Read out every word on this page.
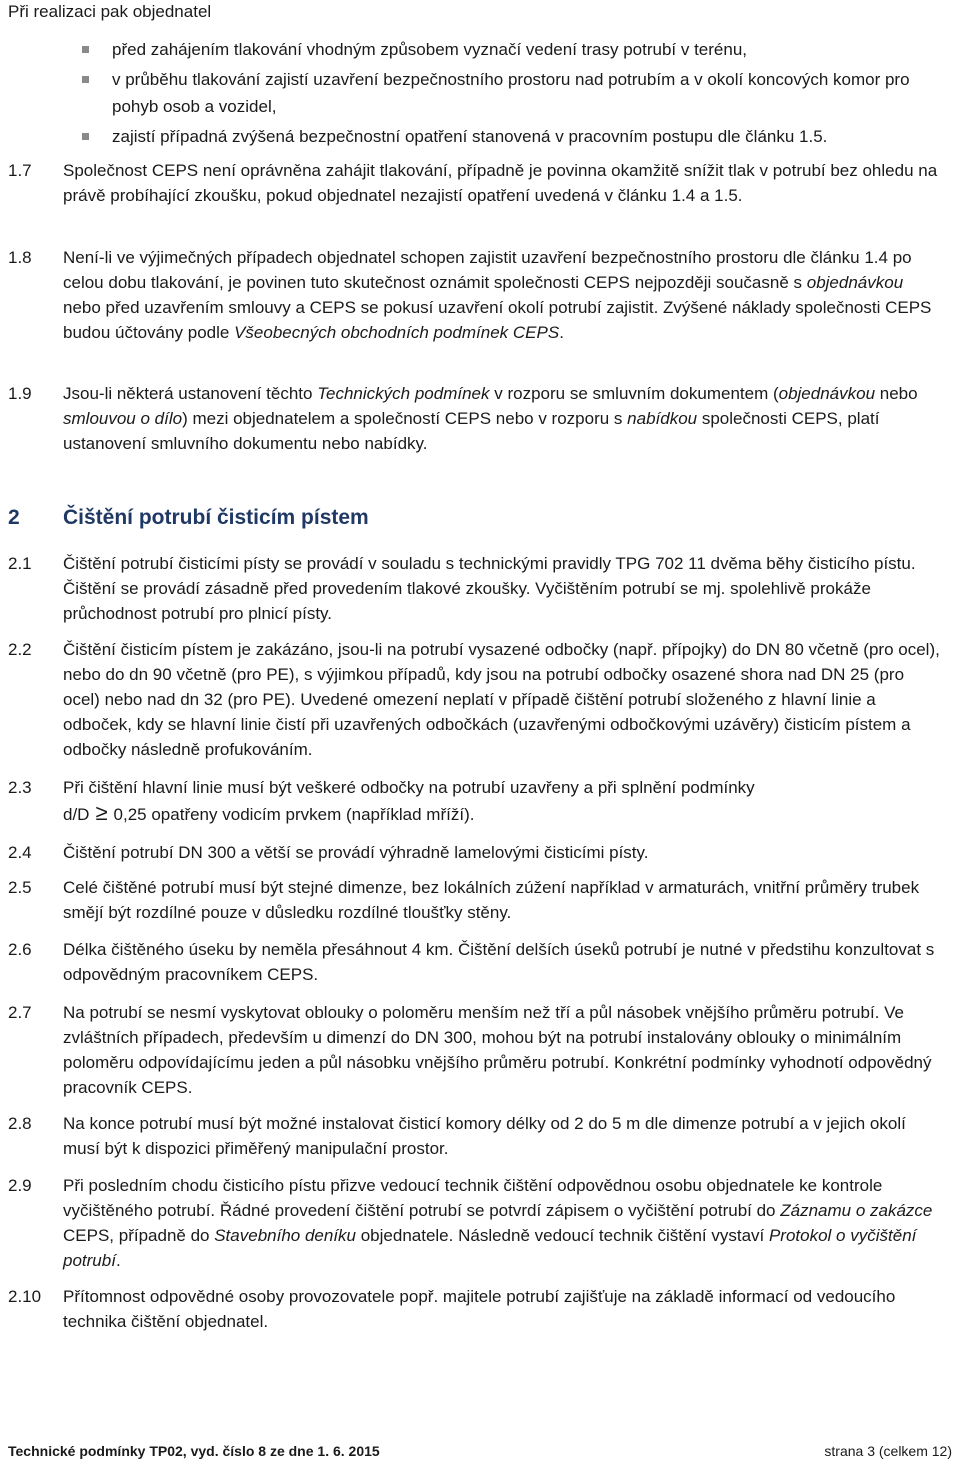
Při realizaci pak objednatel
před zahájením tlakování vhodným způsobem vyznačí vedení trasy potrubí v terénu,
v průběhu tlakování zajistí uzavření bezpečnostního prostoru nad potrubím a v okolí koncových komor pro pohyb osob a vozidel,
zajistí případná zvýšená bezpečnostní opatření stanovená v pracovním postupu dle článku 1.5.
1.7 Společnost CEPS není oprávněna zahájit tlakování, případně je povinna okamžitě snížit tlak v potrubí bez ohledu na právě probíhající zkoušku, pokud objednatel nezajistí opatření uvedená v článku 1.4 a 1.5.
1.8 Není-li ve výjimečných případech objednatel schopen zajistit uzavření bezpečnostního prostoru dle článku 1.4 po celou dobu tlakování, je povinen tuto skutečnost oznámit společnosti CEPS nejpozději současně s objednávkou nebo před uzavřením smlouvy a CEPS se pokusí uzavření okolí potrubí zajistit. Zvýšené náklady společnosti CEPS budou účtovány podle Všeobecných obchodních podmínek CEPS.
1.9 Jsou-li některá ustanovení těchto Technických podmínek v rozporu se smluvním dokumentem (objednávkou nebo smlouvou o dílo) mezi objednatelem a společností CEPS nebo v rozporu s nabídkou společnosti CEPS, platí ustanovení smluvního dokumentu nebo nabídky.
2 Čištění potrubí čisticím pístem
2.1 Čištění potrubí čisticími písty se provádí v souladu s technickými pravidly TPG 702 11 dvěma běhy čisticího pístu. Čištění se provádí zásadně před provedením tlakové zkoušky. Vyčištěním potrubí se mj. spolehlivě prokáže průchodnost potrubí pro plnicí písty.
2.2 Čištění čisticím pístem je zakázáno, jsou-li na potrubí vysazené odbočky (např. přípojky) do DN 80 včetně (pro ocel), nebo do dn 90 včetně (pro PE), s výjimkou případů, kdy jsou na potrubí odbočky osazené shora nad DN 25 (pro ocel) nebo nad dn 32 (pro PE). Uvedené omezení neplatí v případě čištění potrubí složeného z hlavní linie a odboček, kdy se hlavní linie čistí při uzavřených odbočkách (uzavřenými odbočkovými uzávěry) čisticím pístem a odbočky následně profukováním.
2.3 Při čištění hlavní linie musí být veškeré odbočky na potrubí uzavřeny a při splnění podmínky
d/D ≥ 0,25 opatřeny vodicím prvkem (například mříží).
2.4 Čištění potrubí DN 300 a větší se provádí výhradně lamelovými čisticími písty.
2.5 Celé čištěné potrubí musí být stejné dimenze, bez lokálních zúžení například v armaturách, vnitřní průměry trubek smějí být rozdílné pouze v důsledku rozdílné tloušťky stěny.
2.6 Délka čištěného úseku by neměla přesáhnout 4 km. Čištění delších úseků potrubí je nutné v předstihu konzultovat s odpovědným pracovníkem CEPS.
2.7 Na potrubí se nesmí vyskytovat oblouky o poloměru menším než tří a půl násobek vnějšího průměru potrubí. Ve zvláštních případech, především u dimenzí do DN 300, mohou být na potrubí instalovány oblouky o minimálním poloměru odpovídajícímu jeden a půl násobku vnějšího průměru potrubí. Konkrétní podmínky vyhodnotí odpovědný pracovník CEPS.
2.8 Na konce potrubí musí být možné instalovat čisticí komory délky od 2 do 5 m dle dimenze potrubí a v jejich okolí musí být k dispozici přiměřený manipulační prostor.
2.9 Při posledním chodu čisticího pístu přizve vedoucí technik čištění odpovědnou osobu objednatele ke kontrole vyčištěného potrubí. Řádné provedení čištění potrubí se potvrdí zápisem o vyčištění potrubí do Záznamu o zakázce CEPS, případně do Stavebního deníku objednatele. Následně vedoucí technik čištění vystaví Protokol o vyčištění potrubí.
2.10 Přítomnost odpovědné osoby provozovatele popř. majitele potrubí zajišťuje na základě informací od vedoucího technika čištění objednatel.
Technické podmínky TP02, vyd. číslo 8 ze dne 1. 6. 2015	strana 3 (celkem 12)
